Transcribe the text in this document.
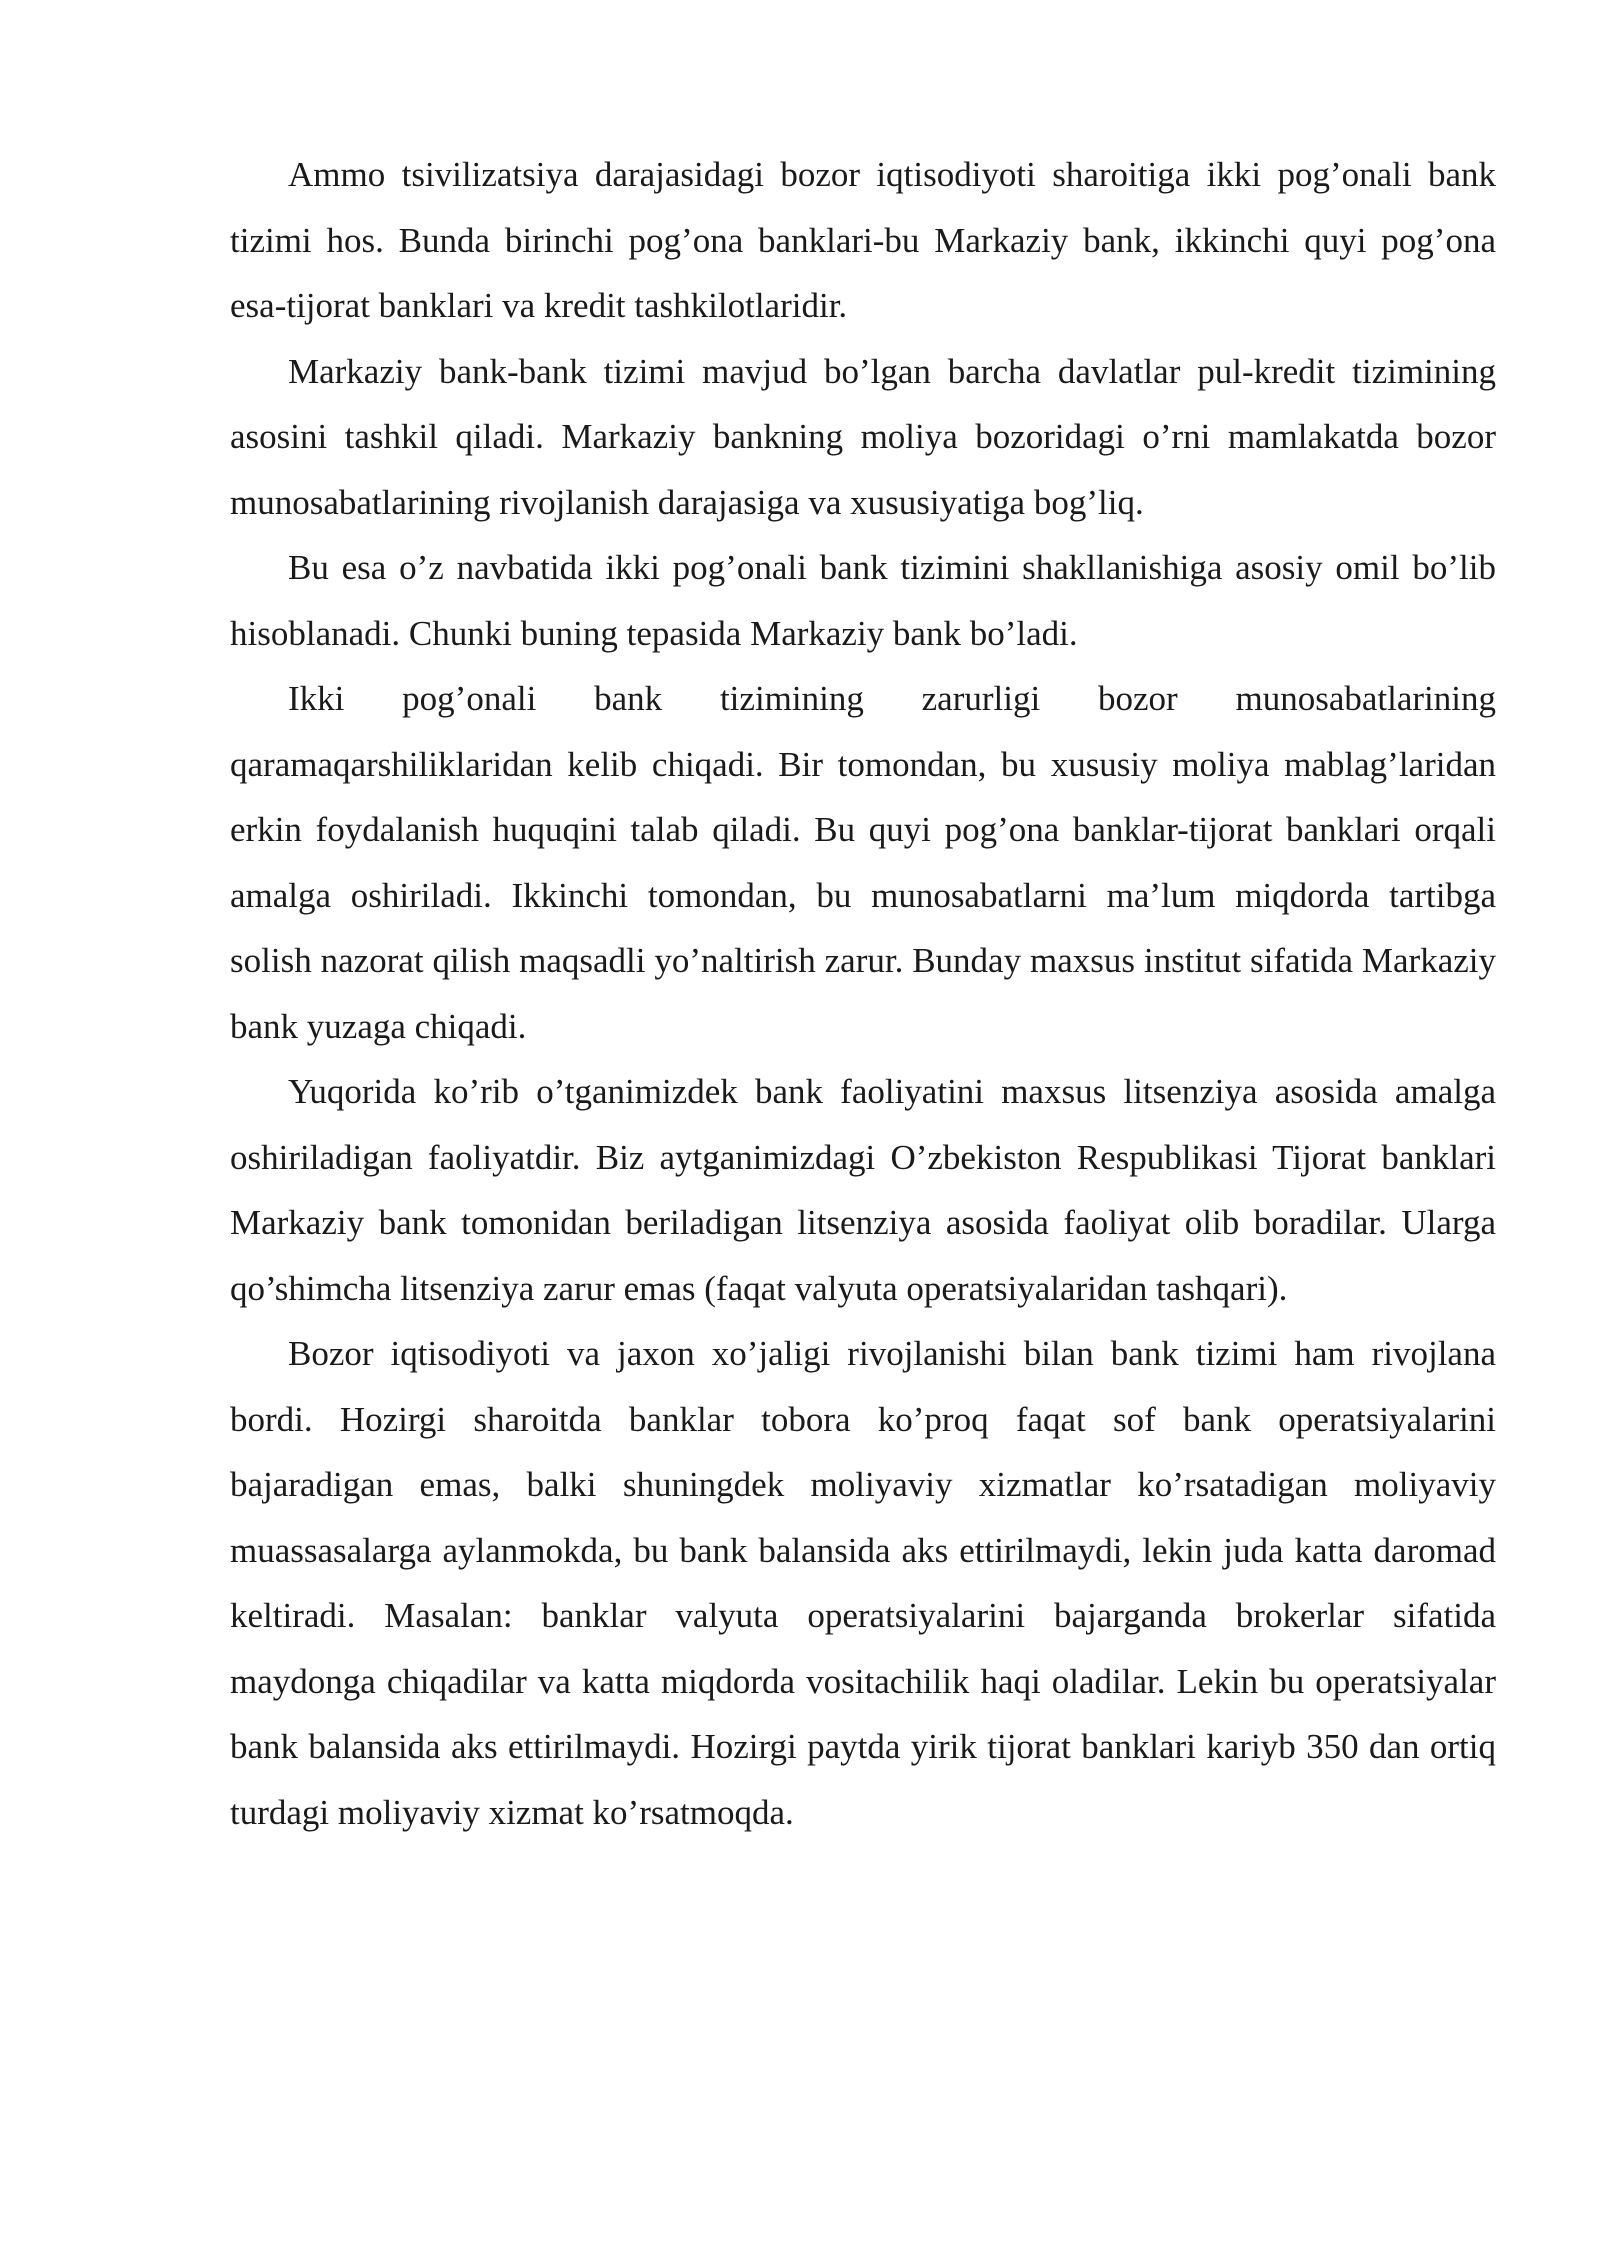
Ammo tsivilizatsiya darajasidagi bozor iqtisodiyoti sharoitiga ikki pog’onali bank tizimi hos. Bunda birinchi pog’ona banklari-bu Markaziy bank, ikkinchi quyi pog’ona esa-tijorat banklari va kredit tashkilotlaridir.

Markaziy bank-bank tizimi mavjud bo’lgan barcha davlatlar pul-kredit tizimining asosini tashkil qiladi. Markaziy bankning moliya bozoridagi o’rni mamlakatda bozor munosabatlarining rivojlanish darajasiga va xususiyatiga bog’liq.

Bu esa o’z navbatida ikki pog’onali bank tizimini shakllanishiga asosiy omil bo’lib hisoblanadi. Chunki buning tepasida Markaziy bank bo’ladi.

Ikki pog’onali bank tizimining zarurligi bozor munosabatlarining qaramaqarshiliklaridan kelib chiqadi. Bir tomondan, bu xususiy moliya mablag’laridan erkin foydalanish huquqini talab qiladi. Bu quyi pog’ona banklar-tijorat banklari orqali amalga oshiriladi. Ikkinchi tomondan, bu munosabatlarni ma’lum miqdorda tartibga solish nazorat qilish maqsadli yo’naltirish zarur. Bunday maxsus institut sifatida Markaziy bank yuzaga chiqadi.

Yuqorida ko’rib o’tganimizdek bank faoliyatini maxsus litsenziya asosida amalga oshiriladigan faoliyatdir. Biz aytganimizdagi O’zbekiston Respublikasi Tijorat banklari Markaziy bank tomonidan beriladigan litsenziya asosida faoliyat olib boradilar. Ularga qo’shimcha litsenziya zarur emas (faqat valyuta operatsiyalaridan tashqari).

Bozor iqtisodiyoti va jaxon xo’jaligi rivojlanishi bilan bank tizimi ham rivojlana bordi. Hozirgi sharoitda banklar tobora ko’proq faqat sof bank operatsiyalarini bajaradigan emas, balki shuningdek moliyaviy xizmatlar ko’rsatadigan moliyaviy muassasalarga aylanmokda, bu bank balansida aks ettirilmaydi, lekin juda katta daromad keltiradi. Masalan: banklar valyuta operatsiyalarini bajarganda brokerlar sifatida maydonga chiqadilar va katta miqdorda vositachilik haqi oladilar. Lekin bu operatsiyalar bank balansida aks ettirilmaydi. Hozirgi paytda yirik tijorat banklari kariyb 350 dan ortiq turdagi moliyaviy xizmat ko’rsatmoqda.
